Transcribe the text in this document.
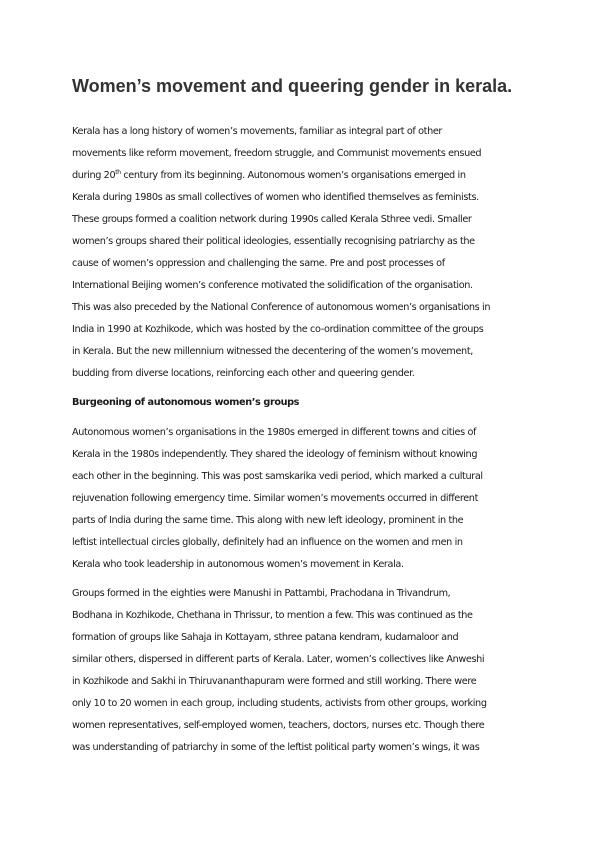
Women’s movement and queering gender in kerala.
Kerala has a long history of women’s movements, familiar as integral part of other
movements like reform movement, freedom struggle, and Communist movements ensued
during 20th century from its beginning. Autonomous women’s organisations emerged in
Kerala during 1980s as small collectives of women who identified themselves as feminists.
These groups formed a coalition network during 1990s called Kerala Sthree vedi. Smaller
women’s groups shared their political ideologies, essentially recognising patriarchy as the
cause of women’s oppression and challenging the same. Pre and post processes of
International Beijing women’s conference motivated the solidification of the organisation.
This was also preceded by the National Conference of autonomous women’s organisations in
India in 1990 at Kozhikode, which was hosted by the co-ordination committee of the groups
in Kerala. But the new millennium witnessed the decentering of the women’s movement,
budding from diverse locations, reinforcing each other and queering gender.
Burgeoning of autonomous women’s groups
Autonomous women’s organisations in the 1980s emerged in different towns and cities of
Kerala in the 1980s independently. They shared the ideology of feminism without knowing
each other in the beginning. This was post samskarika vedi period, which marked a cultural
rejuvenation following emergency time. Similar women’s movements occurred in different
parts of India during the same time. This along with new left ideology, prominent in the
leftist intellectual circles globally, definitely had an influence on the women and men in
Kerala who took leadership in autonomous women’s movement in Kerala.
Groups formed in the eighties were Manushi in Pattambi, Prachodana in Trivandrum,
Bodhana in Kozhikode, Chethana in Thrissur, to mention a few. This was continued as the
formation of groups like Sahaja in Kottayam, sthree patana kendram, kudamaloor and
similar others, dispersed in different parts of Kerala. Later, women’s collectives like Anweshi
in Kozhikode and Sakhi in Thiruvananthapuram were formed and still working. There were
only 10 to 20 women in each group, including students, activists from other groups, working
women representatives, self-employed women, teachers, doctors, nurses etc. Though there
was understanding of patriarchy in some of the leftist political party women’s wings, it was
